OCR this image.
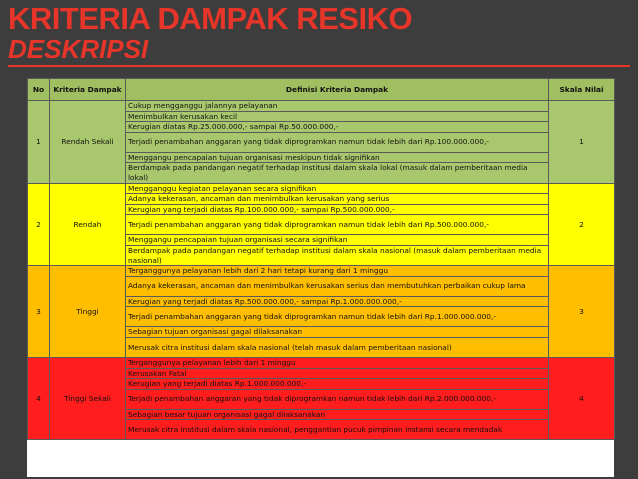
KRITERIA DAMPAK RESIKO
DESKRIPSI
No	Kriteria Dampak	Definisi Kriteria Dampak	Skala Nilai
1	Rendah Sekali	Cukup mengganggu jalannya pelayanan	1
		Menimbulkan kerusakan kecil	
		Kerugian diatas Rp.25.000.000,- sampai Rp.50.000.000,-	
		Terjadi penambahan anggaran yang tidak diprogramkan namun tidak lebih dari Rp.100.000.000,-	
		Menggangu pencapaian tujuan organisasi meskipun tidak signifikan	
		Berdampak pada pandangan negatif terhadap institusi dalam skala lokal (masuk dalam pemberitaan media lokal)	
2	Rendah	Mengganggu kegiatan pelayanan secara signifikan	2
		Adanya kekerasan, ancaman dan menimbulkan kerusakan yang serius	
		Kerugian yang terjadi diatas Rp.100.000.000,- sampai Rp.500.000.000,-	
		Terjadi penambahan anggaran yang tidak diprogramkan namun tidak lebih dari Rp.500.000.000,-	
		Menggangu pencapaian tujuan organisasi secara signifikan	
		Berdampak pada pandangan negatif terhadap institusi dalam skala nasional (masuk dalam pemberitaan media nasional)	
3	Tinggi	Terganggunya pelayanan lebih dari 2 hari tetapi kurang dari 1 minggu	3
		Adanya kekerasan, ancaman dan menimbulkan kerusakan serius dan membutuhkan perbaikan cukup lama	
		Kerugian yang terjadi diatas Rp.500.000.000,- sampai Rp.1.000.000.000,-	
		Terjadi penambahan anggaran yang tidak diprogramkan namun tidak lebih dari Rp.1.000.000.000,-	
		Sebagian tujuan organisasi gagal dilaksanakan	
		Merusak citra institusi dalam skala nasional (telah masuk dalam pemberitaan nasional)	
4	Tinggi Sekali	Terganggunya pelayanan lebih dari 1 minggu	4
		Kerusakan Fatal	
		Kerugian yang terjadi diatas Rp.1.000.000.000,-	
		Terjadi penambahan anggaran yang tidak diprogramkan namun tidak lebih dari Rp.2.000.000.000,-	
		Sebagian besar tujuan organisasi gagal dilaksanakan	
		Merusak citra institusi dalam skala nasional, penggantian pucuk pimpinan instansi secara mendadak	
